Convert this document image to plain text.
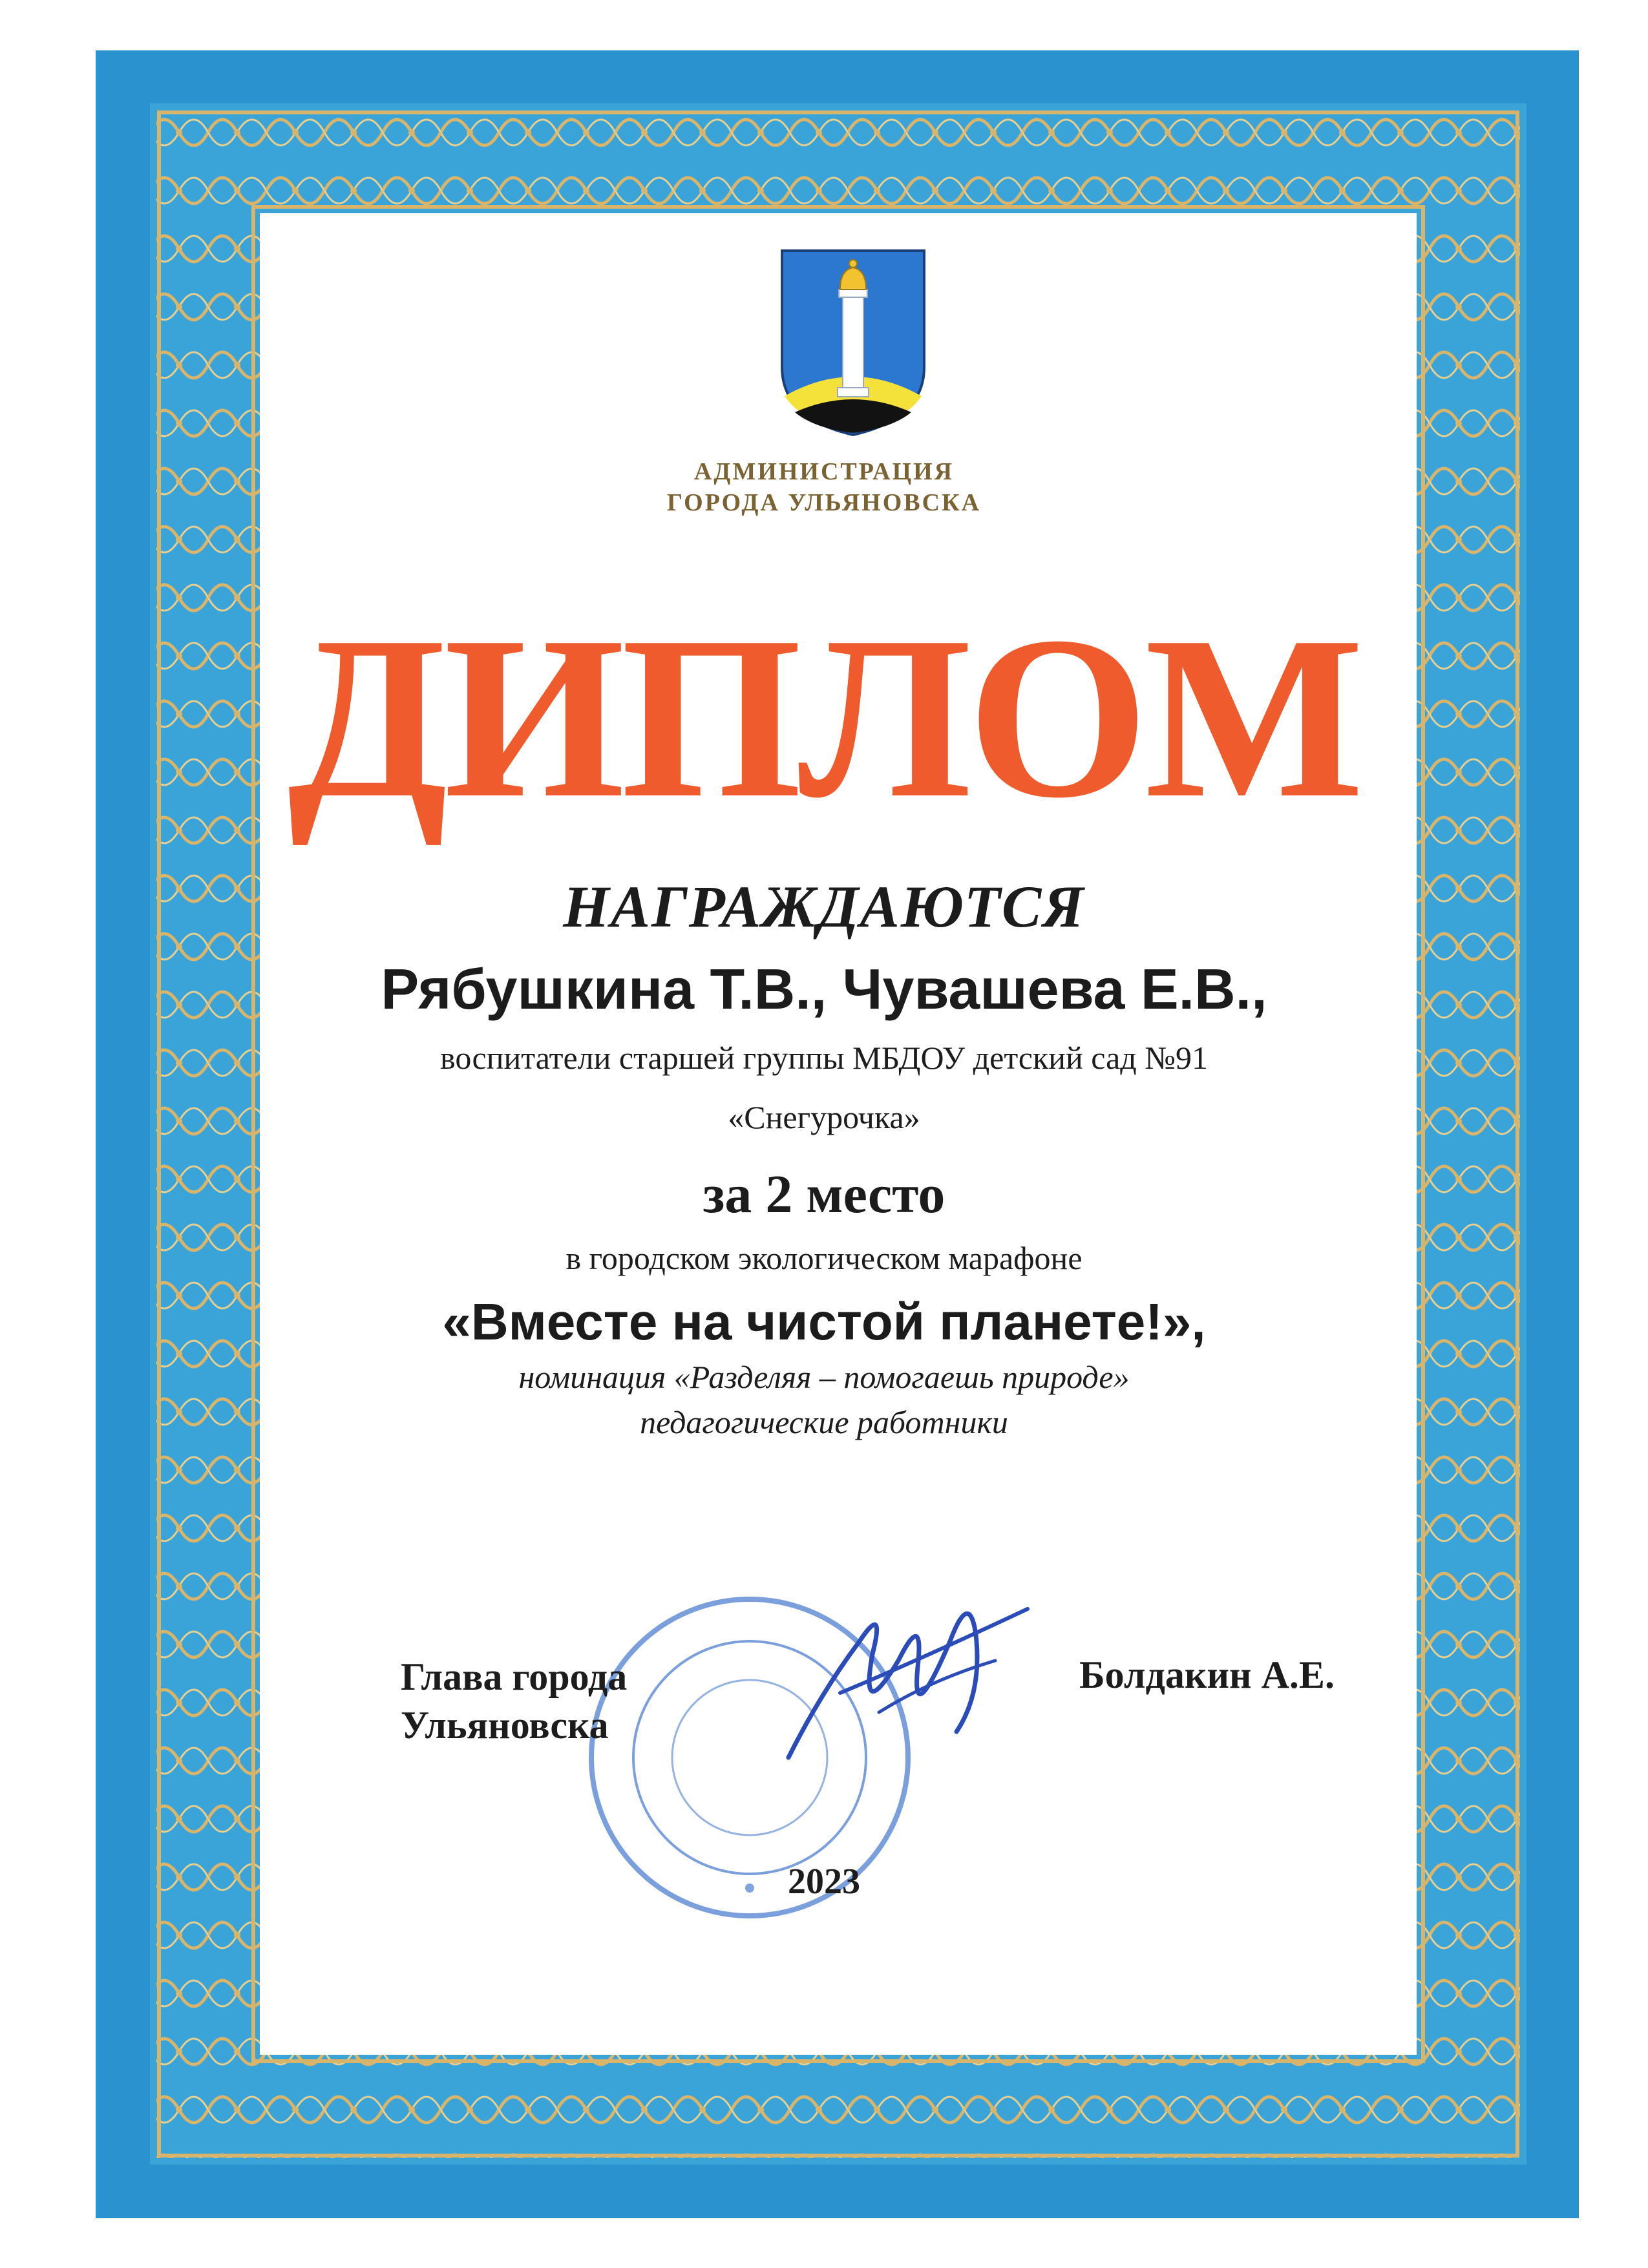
АДМИНИСТРАЦИЯ
ГОРОДА УЛЬЯНОВСКА
ДИПЛОМ
НАГРАЖДАЮТСЯ
Рябушкина Т.В., Чувашева Е.В.,
воспитатели старшей группы МБДОУ детский сад №91
«Снегурочка»
за 2 место
в городском экологическом марафоне
«Вместе на чистой планете!»,
номинация «Разделяя – помогаешь природе»
педагогические работники
Глава города
Ульяновска
Болдакин А.Е.
2023
